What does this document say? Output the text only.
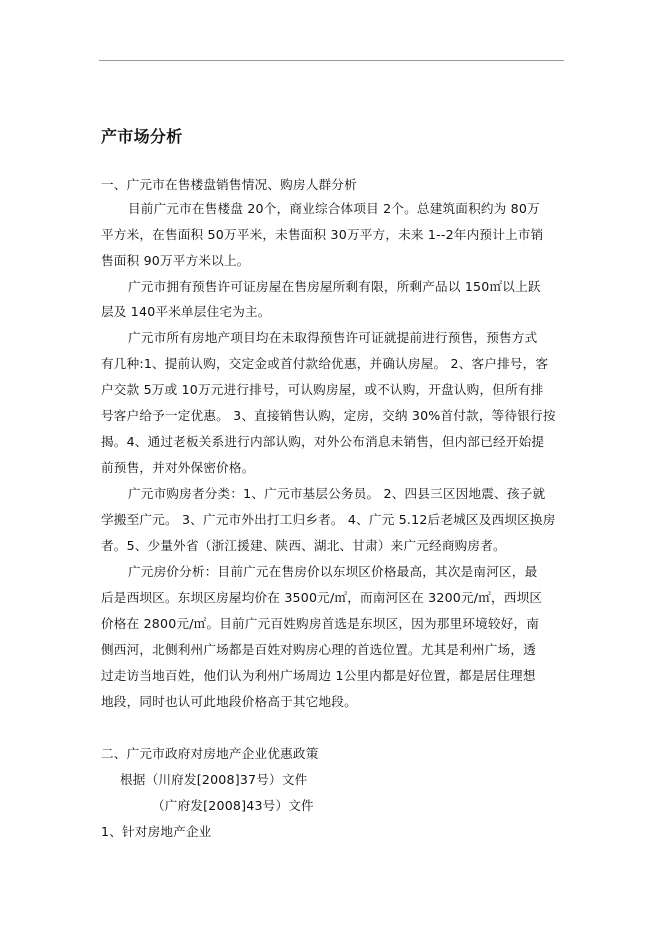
产市场分析
一、广元市在售楼盘销售情况、购房人群分析
目前广元市在售楼盘 20个，商业综合体项目 2个。总建筑面积约为 80万
平方米，在售面积 50万平米，未售面积 30万平方，未来 1--2年内预计上市销
售面积 90万平方米以上。
广元市拥有预售许可证房屋在售房屋所剩有限，所剩产品以 150㎡以上跃
层及 140平米单层住宅为主。
广元市所有房地产项目均在未取得预售许可证就提前进行预售，预售方式
有几种:1、提前认购，交定金或首付款给优惠，并确认房屋。 2、客户排号，客
户交款 5万或 10万元进行排号，可认购房屋，或不认购，开盘认购，但所有排
号客户给予一定优惠。 3、直接销售认购，定房，交纳 30%首付款，等待银行按
揭。4、通过老板关系进行内部认购，对外公布消息未销售，但内部已经开始提
前预售，并对外保密价格。
广元市购房者分类：1、广元市基层公务员。 2、四县三区因地震、孩子就
学搬至广元。 3、广元市外出打工归乡者。 4、广元 5.12后老城区及西坝区换房
者。5、少量外省（浙江援建、陕西、湖北、甘肃）来广元经商购房者。
广元房价分析：目前广元在售房价以东坝区价格最高，其次是南河区，最
后是西坝区。东坝区房屋均价在 3500元/㎡，而南河区在 3200元/㎡，西坝区
价格在 2800元/㎡。目前广元百姓购房首选是东坝区，因为那里环境较好，南
侧西河，北侧利州广场都是百姓对购房心理的首选位置。尤其是利州广场，透
过走访当地百姓，他们认为利州广场周边 1公里内都是好位置，都是居住理想
地段，同时也认可此地段价格高于其它地段。
二、广元市政府对房地产企业优惠政策
根据（川府发[2008]37号）文件
（广府发[2008]43号）文件
1、针对房地产企业
